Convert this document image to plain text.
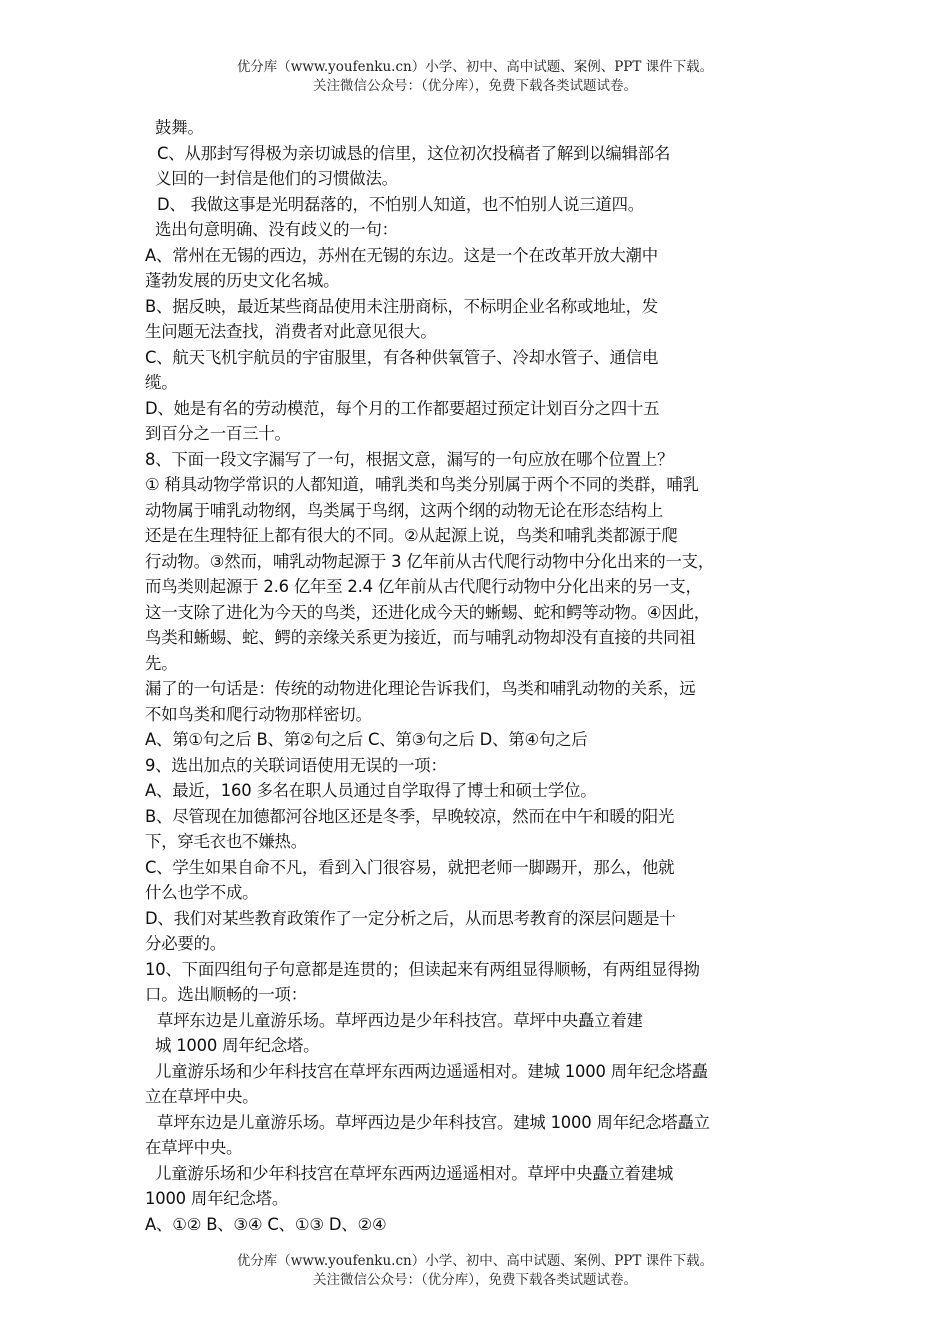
优分库（www.youfenku.cn）小学、初中、高中试题、案例、PPT 课件下载。
关注微信公众号：（优分库），免费下载各类试题试卷。
鼓舞。
C、从那封写得极为亲切诚恳的信里，这位初次投稿者了解到以编辑部名
义回的一封信是他们的习惯做法。
D、 我做这事是光明磊落的，不怕别人知道，也不怕别人说三道四。
选出句意明确、没有歧义的一句：
A、常州在无锡的西边，苏州在无锡的东边。这是一个在改革开放大潮中
蓬勃发展的历史文化名城。
B、据反映，最近某些商品使用未注册商标，不标明企业名称或地址，发
生问题无法查找，消费者对此意见很大。
C、航天飞机宇航员的宇宙服里，有各种供氧管子、冷却水管子、通信电
缆。
D、她是有名的劳动模范，每个月的工作都要超过预定计划百分之四十五
到百分之一百三十。
8、下面一段文字漏写了一句，根据文意，漏写的一句应放在哪个位置上？
① 稍具动物学常识的人都知道，哺乳类和鸟类分别属于两个不同的类群，哺乳
动物属于哺乳动物纲，鸟类属于鸟纲，这两个纲的动物无论在形态结构上
还是在生理特征上都有很大的不同。②从起源上说，鸟类和哺乳类都源于爬
行动物。③然而，哺乳动物起源于 3 亿年前从古代爬行动物中分化出来的一支，
而鸟类则起源于 2.6 亿年至 2.4 亿年前从古代爬行动物中分化出来的另一支，
这一支除了进化为今天的鸟类，还进化成今天的蜥蜴、蛇和鳄等动物。④因此，
鸟类和蜥蜴、蛇、鳄的亲缘关系更为接近，而与哺乳动物却没有直接的共同祖
先。
漏了的一句话是：传统的动物进化理论告诉我们，鸟类和哺乳动物的关系，远
不如鸟类和爬行动物那样密切。
A、第①句之后 B、第②句之后 C、第③句之后 D、第④句之后
9、选出加点的关联词语使用无误的一项：
A、最近，160 多名在职人员通过自学取得了博士和硕士学位。
B、尽管现在加德都河谷地区还是冬季，早晚较凉，然而在中午和暖的阳光
下，穿毛衣也不嫌热。
C、学生如果自命不凡，看到入门很容易，就把老师一脚踢开，那么，他就
什么也学不成。
D、我们对某些教育政策作了一定分析之后，从而思考教育的深层问题是十
分必要的。
10、下面四组句子句意都是连贯的；但读起来有两组显得顺畅，有两组显得拗
口。选出顺畅的一项：
草坪东边是儿童游乐场。草坪西边是少年科技宫。草坪中央矗立着建
城 1000 周年纪念塔。
儿童游乐场和少年科技宫在草坪东西两边遥遥相对。建城 1000 周年纪念塔矗
立在草坪中央。
草坪东边是儿童游乐场。草坪西边是少年科技宫。建城 1000 周年纪念塔矗立
在草坪中央。
儿童游乐场和少年科技宫在草坪东西两边遥遥相对。草坪中央矗立着建城
1000 周年纪念塔。
A、①② B、③④ C、①③ D、②④
优分库（www.youfenku.cn）小学、初中、高中试题、案例、PPT 课件下载。
关注微信公众号：（优分库），免费下载各类试题试卷。
